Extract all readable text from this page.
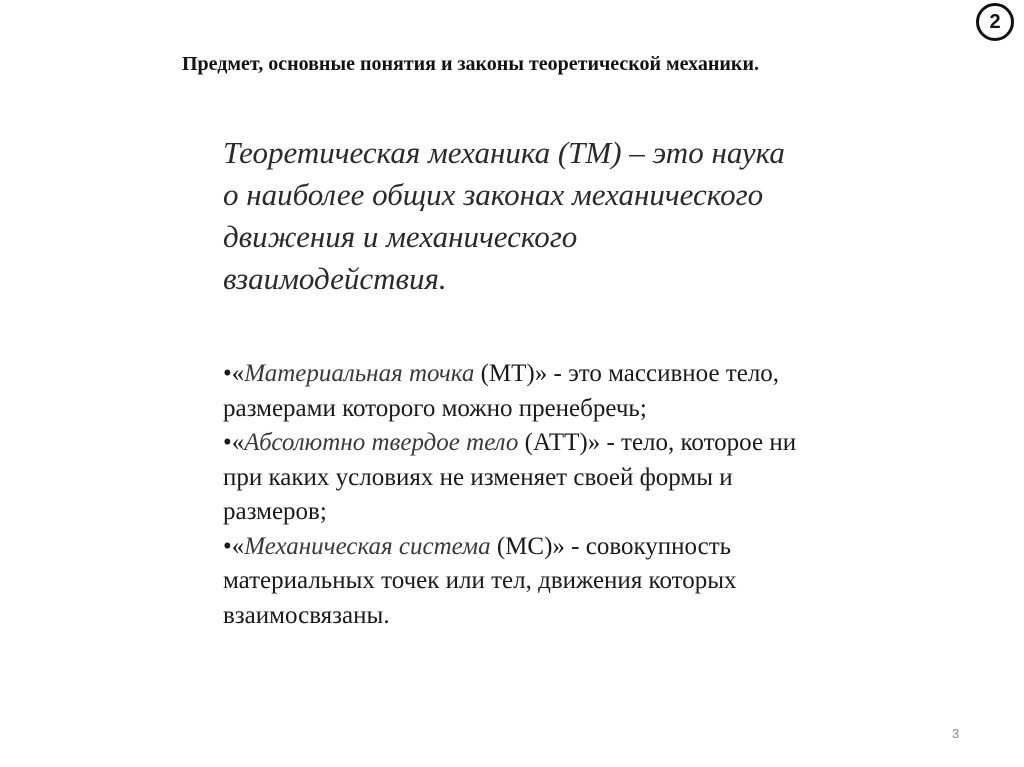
2
Предмет, основные понятия и законы теоретической механики.
Теоретическая механика (ТМ) – это наука
о наиболее общих законах механического
движения и механического
взаимодействия.
•«Материальная точка (МТ)» - это массивное тело,
размерами которого можно пренебречь;
•«Абсолютно твердое тело (АТТ)» - тело, которое ни
при каких условиях не изменяет своей формы и
размеров;
•«Механическая система (МС)» - совокупность
материальных точек или тел, движения которых
взаимосвязаны.
3
